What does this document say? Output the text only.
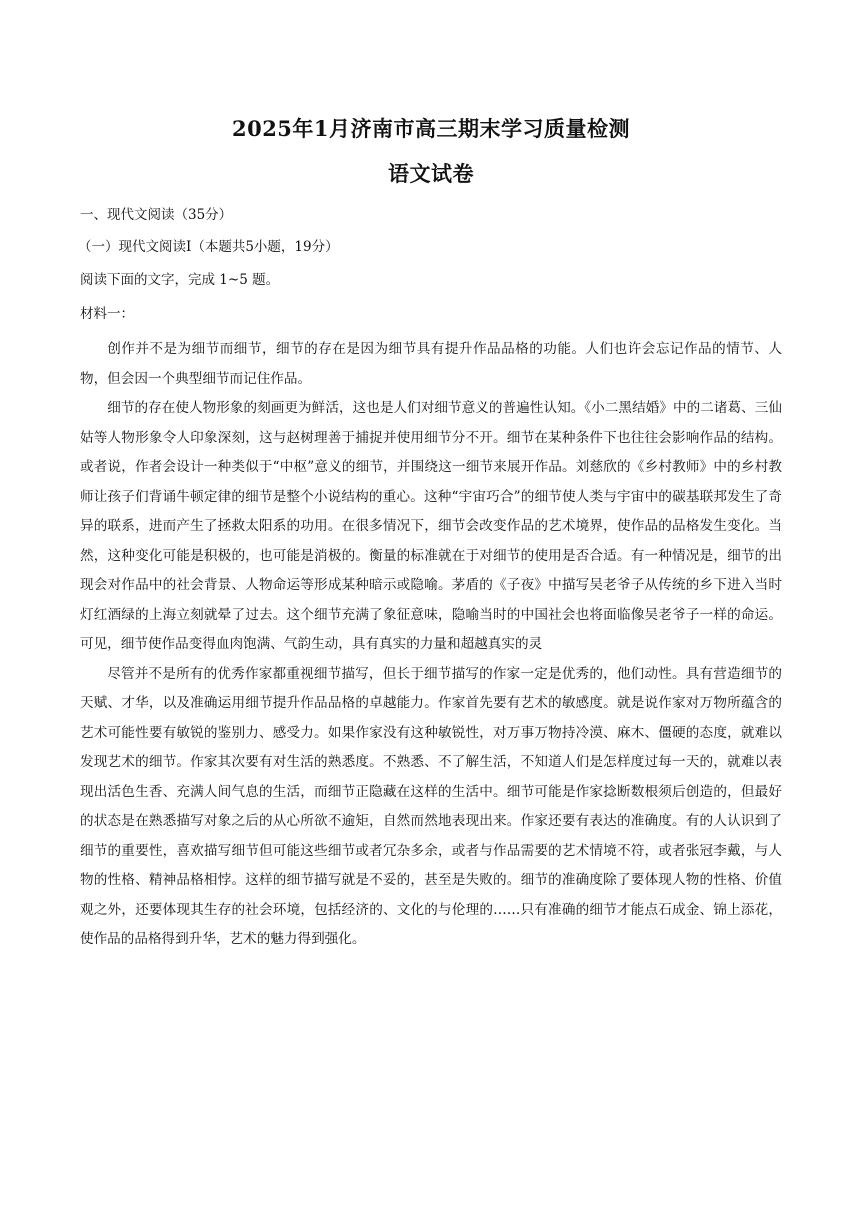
2025年1月济南市高三期末学习质量检测
语文试卷
一、现代文阅读（35分）
（一）现代文阅读Ⅰ（本题共5小题，19分）
阅读下面的文字，完成 1~5 题。
材料一：

创作并不是为细节而细节，细节的存在是因为细节具有提升作品品格的功能。人们也许会忘记作品的情节、人物，但会因一个典型细节而记住作品。

细节的存在使人物形象的刻画更为鲜活，这也是人们对细节意义的普遍性认知。《小二黑结婚》中的二诸葛、三仙姑等人物形象令人印象深刻，这与赵树理善于捕捉并使用细节分不开。细节在某种条件下也往往会影响作品的结构。或者说，作者会设计一种类似于“中枢”意义的细节，并围绕这一细节来展开作品。刘慈欣的《乡村教师》中的乡村教师让孩子们背诵牛顿定律的细节是整个小说结构的重心。这种“宇宙巧合”的细节使人类与宇宙中的碳基联邦发生了奇异的联系，进而产生了拯救太阳系的功用。在很多情况下，细节会改变作品的艺术境界，使作品的品格发生变化。当然，这种变化可能是积极的，也可能是消极的。衡量的标准就在于对细节的使用是否合适。有一种情况是，细节的出现会对作品中的社会背景、人物命运等形成某种暗示或隐喻。茅盾的《子夜》中描写吴老爷子从传统的乡下进入当时灯红酒绿的上海立刻就晕了过去。这个细节充满了象征意味，隐喻当时的中国社会也将面临像吴老爷子一样的命运。可见，细节使作品变得血肉饱满、气韵生动，具有真实的力量和超越真实的灵

尽管并不是所有的优秀作家都重视细节描写，但长于细节描写的作家一定是优秀的，他们动性。具有营造细节的天赋、才华，以及准确运用细节提升作品品格的卓越能力。作家首先要有艺术的敏感度。就是说作家对万物所蕴含的艺术可能性要有敏锐的鉴别力、感受力。如果作家没有这种敏锐性，对万事万物持冷漠、麻木、僵硬的态度，就难以发现艺术的细节。作家其次要有对生活的熟悉度。不熟悉、不了解生活，不知道人们是怎样度过每一天的，就难以表现出活色生香、充满人间气息的生活，而细节正隐藏在这样的生活中。细节可能是作家捻断数根须后创造的，但最好的状态是在熟悉描写对象之后的从心所欲不逾矩，自然而然地表现出来。作家还要有表达的准确度。有的人认识到了细节的重要性，喜欢描写细节但可能这些细节或者冗杂多余，或者与作品需要的艺术情境不符，或者张冠李戴，与人物的性格、精神品格相悖。这样的细节描写就是不妥的，甚至是失败的。细节的准确度除了要体现人物的性格、价值观之外，还要体现其生存的社会环境，包括经济的、文化的与伦理的……只有准确的细节才能点石成金、锦上添花，使作品的品格得到升华，艺术的魅力得到强化。
